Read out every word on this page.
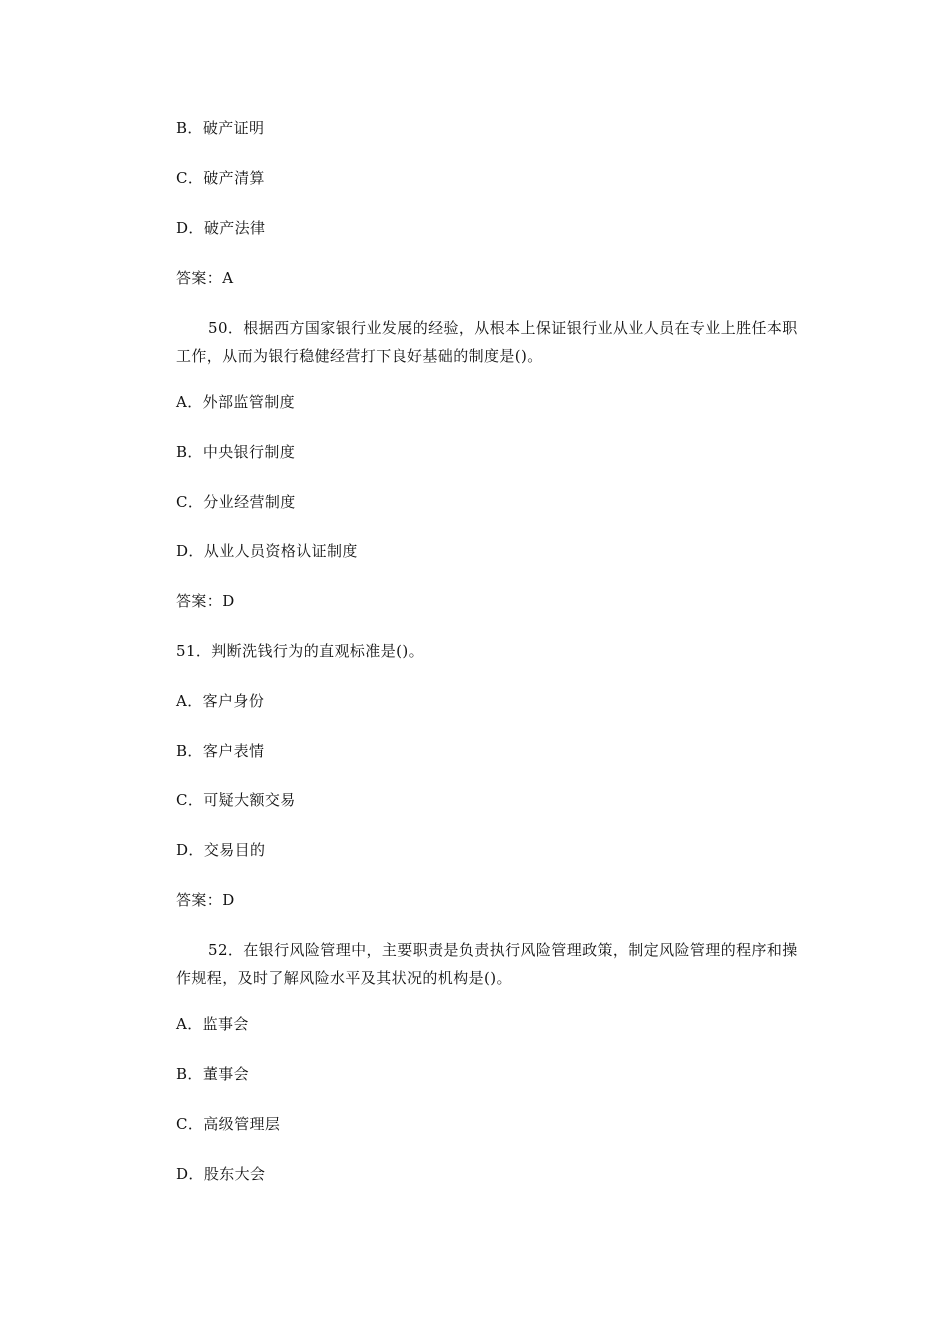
B．破产证明
C．破产清算
D．破产法律
答案：A
50．根据西方国家银行业发展的经验，从根本上保证银行业从业人员在专业上胜任本职
工作，从而为银行稳健经营打下良好基础的制度是()。
A．外部监管制度
B．中央银行制度
C．分业经营制度
D．从业人员资格认证制度
答案：D
51．判断洗钱行为的直观标准是()。
A．客户身份
B．客户表情
C．可疑大额交易
D．交易目的
答案：D
52．在银行风险管理中，主要职责是负责执行风险管理政策，制定风险管理的程序和操
作规程，及时了解风险水平及其状况的机构是()。
A．监事会
B．董事会
C．高级管理层
D．股东大会
